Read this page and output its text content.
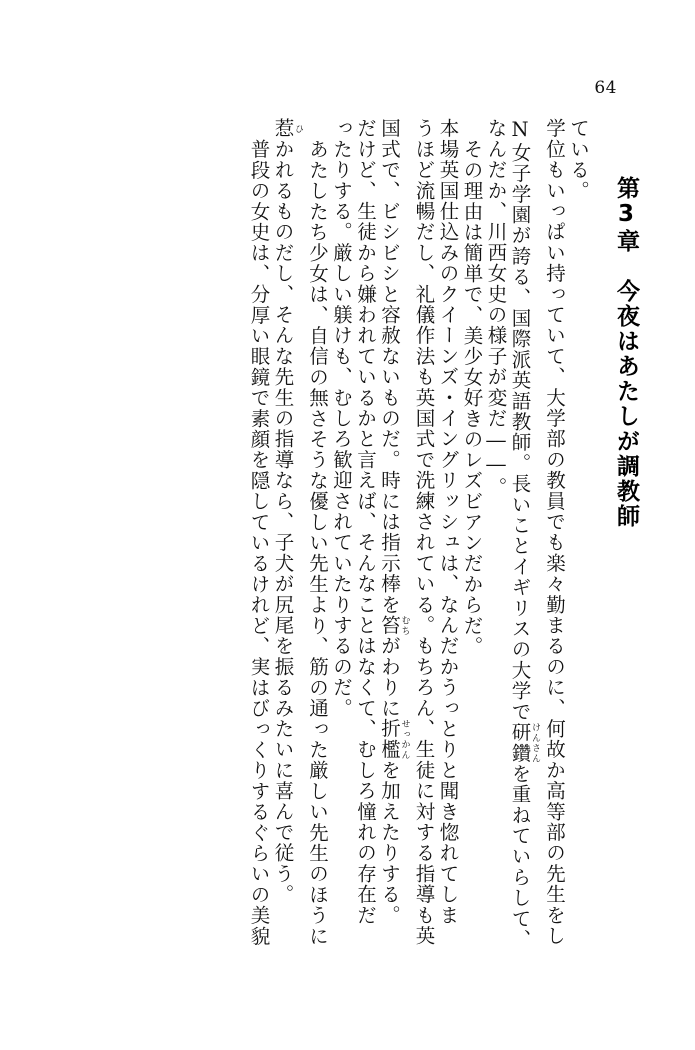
64
第3章　今夜はあたしが調教師
ている。
学位もいっぱい持っていて、大学部の教員でも楽々勤まるのに、何故か高等部の先生をし
N女子学園が誇る、国際派英語教師。長いことイギリスの大学で研鑽けんさんを重ねていらして、
なんだか、川西女史の様子が変だ――。
その理由は簡単で、美少女好きのレズビアンだからだ。
本場英国仕込みのクイーンズ・イングリッシュは、なんだかうっとりと聞き惚れてしま
うほど流暢だし、礼儀作法も英国式で洗練されている。もちろん、生徒に対する指導も英
国式で、ビシビシと容赦ないものだ。時には指示棒を笞むちがわりに折檻せっかんを加えたりする。
だけど、生徒から嫌われているかと言えば、そんなことはなくて、むしろ憧れの存在だ
ったりする。厳しい躾けも、むしろ歓迎されていたりするのだ。
あたしたち少女は、自信の無さそうな優しい先生より、筋の通った厳しい先生のほうに
惹ひかれるものだし、そんな先生の指導なら、子犬が尻尾を振るみたいに喜んで従う。
普段の女史は、分厚い眼鏡で素顔を隠しているけれど、実はびっくりするぐらいの美貌
